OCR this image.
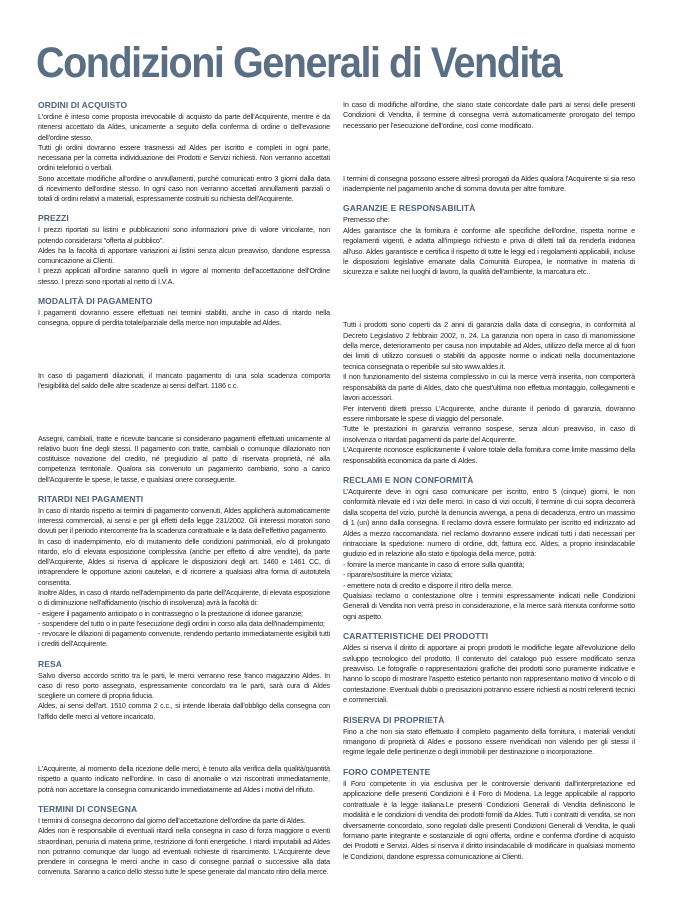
Condizioni Generali di Vendita
ORDINI DI ACQUISTO

L'ordine è inteso come proposta irrevocabile di acquisto da parte dell'Acquirente, mentre è da ritenersi accettato da Aldes, unicamente a seguito della conferma di ordine o dell'evasione dell'ordine stesso.

Tutti gli ordini dovranno essere trasmessi ad Aldes per iscritto e completi in ogni parte, necessaria per la corretta individuazione dei Prodotti e Servizi richiesti. Non verranno accettati ordini telefonici o verbali.

Sono accettate modifiche all'ordine o annullamenti, purché comunicati entro 3 giorni dalla data di ricevimento dell'ordine stesso. In ogni caso non verranno accettati annullamenti parziali o totali di ordini relativi a materiali, espressamente costruiti su richiesta dell'Acquirente.

PREZZI

I prezzi riportati su listini e pubblicazioni sono informazioni prive di valore vincolante, non potendo considerarsi "offerta al pubblico".

Aldes ha la facoltà di apportare variazioni ai listini senza alcun preavviso, dandone espressa comunicazione ai Clienti.

I prezzi applicati all'ordine saranno quelli in vigore al momento dell'accettazione dell'Ordine stesso. I prezzi sono riportati al netto di I.V.A.

MODALITÀ DI PAGAMENTO

I pagamenti dovranno essere effettuati nei termini stabiliti, anche in caso di ritardo nella consegna, oppure di perdita totale/parziale della merce non imputabile ad Aldes.

In caso di pagamenti dilazionati, il mancato pagamento di una sola scadenza comporta l'esigibilità del saldo delle altre scadenze ai sensi dell'art. 1186 c.c.

Assegni, cambiali, tratte e ricevute bancarie si considerano pagamenti effettuati unicamente al relativo buon fine degli stessi. Il pagamento con tratte, cambiali o comunque dilazionato non costituisce novazione del credito, né pregiudizio al patto di riservata proprietà, né alla competenza territoriale. Qualora sia convenuto un pagamento cambiario, sono a carico dell'Acquirente le spese, le tasse, e qualsiasi onere conseguente.

RITARDI NEI PAGAMENTI

In caso di ritardo rispetto ai termini di pagamento convenuti, Aldes applicherà automaticamente interessi commerciali, ai sensi e per gli effetti della legge 231/2002. Gli interessi moratori sono dovuti per il periodo intercorrente fra la scadenza contrattuale e la data dell'effettivo pagamento.

In caso di inadempimento, e/o di mutamento delle condizioni patrimoniali, e/o di prolungato ritardo, e/o di elevata esposizione complessiva (anche per effetto di altre vendite), da parte dell'Acquirente, Aldes si riserva di applicare le disposizioni degli art. 1460 e 1461 CC, di intraprendere le opportune azioni cautelari, e di ricorrere a qualsiasi altra forma di autotutela consentita.

Inoltre Aldes, in caso di ritardo nell'adempimento da parte dell'Acquirente, di elevata esposizione o di diminuzione nell'affidamento (rischio di insolvenza) avrà la facoltà di:

- esigere il pagamento anticipato o in contrassegno o la prestazione di idonee garanzie;

- sospendere del tutto o in parte l'esecuzione degli ordini in corso alla data dell'inadempimento;

- revocare le dilazioni di pagamento convenute, rendendo pertanto immediatamente esigibili tutti i crediti dell'Acquirente.

RESA

Salvo diverso accordo scritto tra le parti, le merci verranno rese franco magazzino Aldes. In caso di reso porto assegnato, espressamente concordato tra le parti, sarà cura di Aldes scegliere un corriere di propria fiducia.

Aldes, ai sensi dell'art. 1510 comma 2 c.c., si intende liberata dall'obbligo della consegna con l'affido delle merci al vettore incaricato.

L'Acquirente, al momento della ricezione delle merci, è tenuto alla verifica della qualità/quantità rispetto a quanto indicato nell'ordine. In caso di anomalie o vizi riscontrati immediatamente, potrà non accettare la consegna comunicando immediatamente ad Aldes i motivi del rifiuto.

TERMINI DI CONSEGNA

I termini di consegna decorrono dal giorno dell'accettazione dell'ordine da parte di Aldes.

Aldes non è responsabile di eventuali ritardi nella consegna in caso di forza maggiore o eventi straordinari, penuria di materia prime, restrizione di fonti energetiche. I ritardi imputabili ad Aldes non potranno comunque dar luogo ad eventuali richieste di risarcimento. L'Acquirente deve prendere in consegna le merci anche in caso di consegne parziali o successive alla data convenuta. Saranno a carico dello stesso tutte le spese generate dal mancato ritiro della merce.

In caso di modifiche all'ordine, che siano state concordate dalle parti ai sensi delle presenti Condizioni di Vendita, il termine di consegna verrà automaticamente prorogato del tempo necessario per l'esecuzione dell'ordine, così come modificato.

I termini di consegna possono essere altresì prorogati da Aldes qualora l'Acquirente si sia reso inadempiente nel pagamento anche di somma dovuta per altre forniture.

GARANZIE E RESPONSABILITÀ

Premesso che:

Aldes garantisce che la fornitura è conforme alle specifiche dell'ordine, rispetta norme e regolamenti vigenti, è adatta all'impiego richiesto e priva di difetti tali da renderla inidonea all'uso. Aldes garantisce e certifica il rispetto di tutte le leggi ed i regolamenti applicabili, incluse le disposizioni legislative emanate dalla Comunità Europea, le normative in materia di sicurezza e salute nei luoghi di lavoro, la qualità dell'ambiente, la marcatura etc..

Tutti i prodotti sono coperti da 2 anni di garanzia dalla data di consegna, in conformità al Decreto Legislativo 2 febbraio 2002, n. 24. La garanzia non opera in caso di manomissione della merce, deterioramento per causa non imputabile ad Aldes, utilizzo della merce al di fuori dei limiti di utilizzo consueti o stabiliti da apposite norme o indicati nella documentazione tecnica consegnata o reperibile sul sito www.aldes.it.

Il non funzionamento del sistema complessivo in cui la merce verrà inserita, non comporterà responsabilità da parte di Aldes, dato che quest'ultima non effettua montaggio, collegamenti e lavori accessori.

Per interventi diretti presso L'Acquirente, anche durante il periodo di garanzia, dovranno essere rimborsate le spese di viaggio del personale.

Tutte le prestazioni in garanzia verranno sospese, senza alcun preavviso, in caso di insolvenza o ritardati pagamenti da parte del Acquirente.

L'Acquirente riconosce esplicitamente il valore totale della fornitura come limite massimo della responsabilità economica da parte di Aldes.

RECLAMI E NON CONFORMITÀ

L'Acquirente deve in ogni caso comunicare per iscritto, entro 5 (cinque) giorni, le non conformità rilevate ed i vizi delle merci. In caso di vizi occulti, il termine di cui sopra decorrerà dalla scoperta del vizio, purché la denuncia avvenga, a pena di decadenza, entro un massimo di 1 (un) anno dalla consegna. Il reclamo dovrà essere formulato per iscritto ed indirizzato ad Aldes a mezzo raccomandata. nel reclamo dovranno essere indicati tutti i dati necessari per rintracciare la spedizione: numero di ordine, ddt, fattura ecc. Aldes, a proprio insindacabile giudizio ed in relazione allo stato e tipologia della merce, potrà:

- fornire la merce mancante in caso di errore sulla quantità;

- riparare/sostituire la merce viziata;

- emettere nota di credito e disporre il ritiro della merce.

Qualsiasi reclamo o contestazione oltre i termini espressamente indicati nelle Condizioni Generali di Vendita non verrà preso in considerazione, e la merce sarà ritenuta conforme sotto ogni aspetto.

CARATTERISTICHE DEI PRODOTTI

Aldes si riserva il diritto di apportare ai propri prodotti le modifiche legate all'evoluzione dello sviluppo tecnologico del prodotto. Il contenuto del catalogo può essere modificato senza preavviso. Le fotografie o rappresentazioni grafiche dei prodotti sono puramente indicative e hanno lo scopo di mostrare l'aspetto estetico pertanto non rappresentano motivo di vincolo o di contestazione. Eventuali dubbi o precisazioni potranno essere richiesti ai nostri referenti tecnici e commerciali.

RISERVA DI PROPRIETÀ

Fino a che non sia stato effettuato il completo pagamento della fornitura, i materiali venduti rimangono di proprietà di Aldes e possono essere rivendicati non valendo per gli stessi il regime legale delle pertinenze o degli immobili per destinazione o incorporazione.

FORO COMPETENTE

Il Foro competente in via esclusiva per le controversie derivanti dall'interpretazione ed applicazione delle presenti Condizioni è il Foro di Modena. La legge applicabile al rapporto contrattuale è la legge italiana.Le presenti Condizioni Generali di Vendita definiscono le modalità e le condizioni di vendita dei prodotti forniti da Aldes. Tutti i contratti di vendita, se non diversamente concordato, sono regolati dalle presenti Condizioni Generali di Vendita, le quali formano parte integrante e sostanziale di ogni offerta, ordine e conferma d'ordine di acquisto dei Prodotti e Servizi. Aldes si riserva il diritto insindacabile di modificare in qualsiasi momento le Condizioni, dandone espressa comunicazione ai Clienti.
